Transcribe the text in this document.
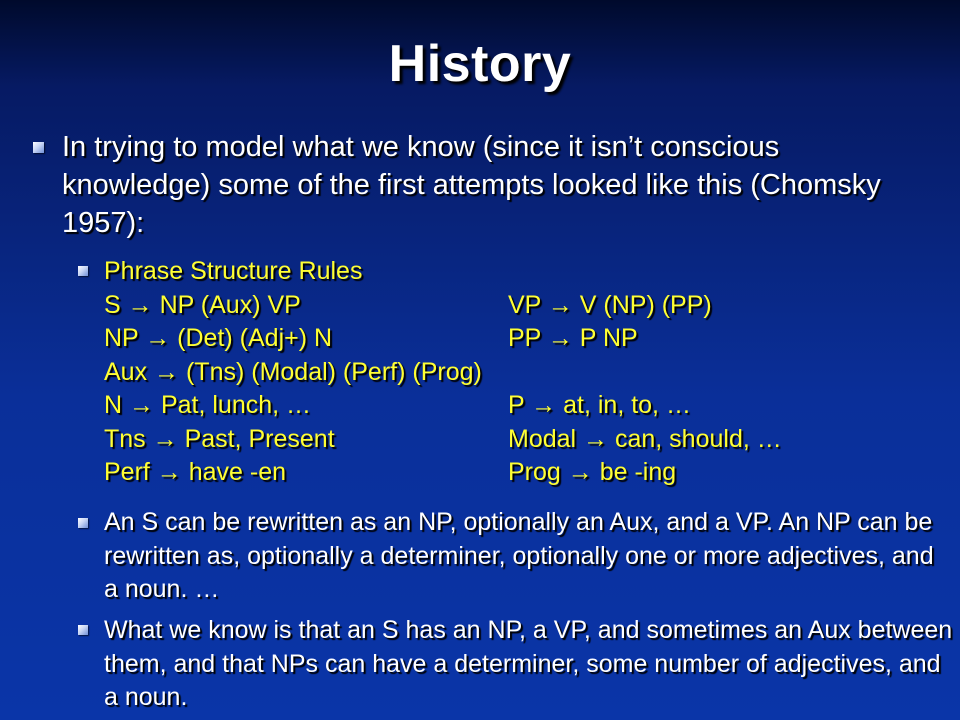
History
In trying to model what we know (since it isn’t conscious knowledge) some of the first attempts looked like this (Chomsky 1957):
Phrase Structure Rules
S → NP (Aux) VP	VP → V (NP) (PP)
NP → (Det) (Adj+) N	PP → P NP
Aux → (Tns) (Modal) (Perf) (Prog)
N → Pat, lunch, …	P → at, in, to, …
Tns → Past, Present	Modal → can, should, …
Perf → have -en	Prog → be -ing
An S can be rewritten as an NP, optionally an Aux, and a VP. An NP can be rewritten as, optionally a determiner, optionally one or more adjectives, and a noun. …
What we know is that an S has an NP, a VP, and sometimes an Aux between them, and that NPs can have a determiner, some number of adjectives, and a noun.
